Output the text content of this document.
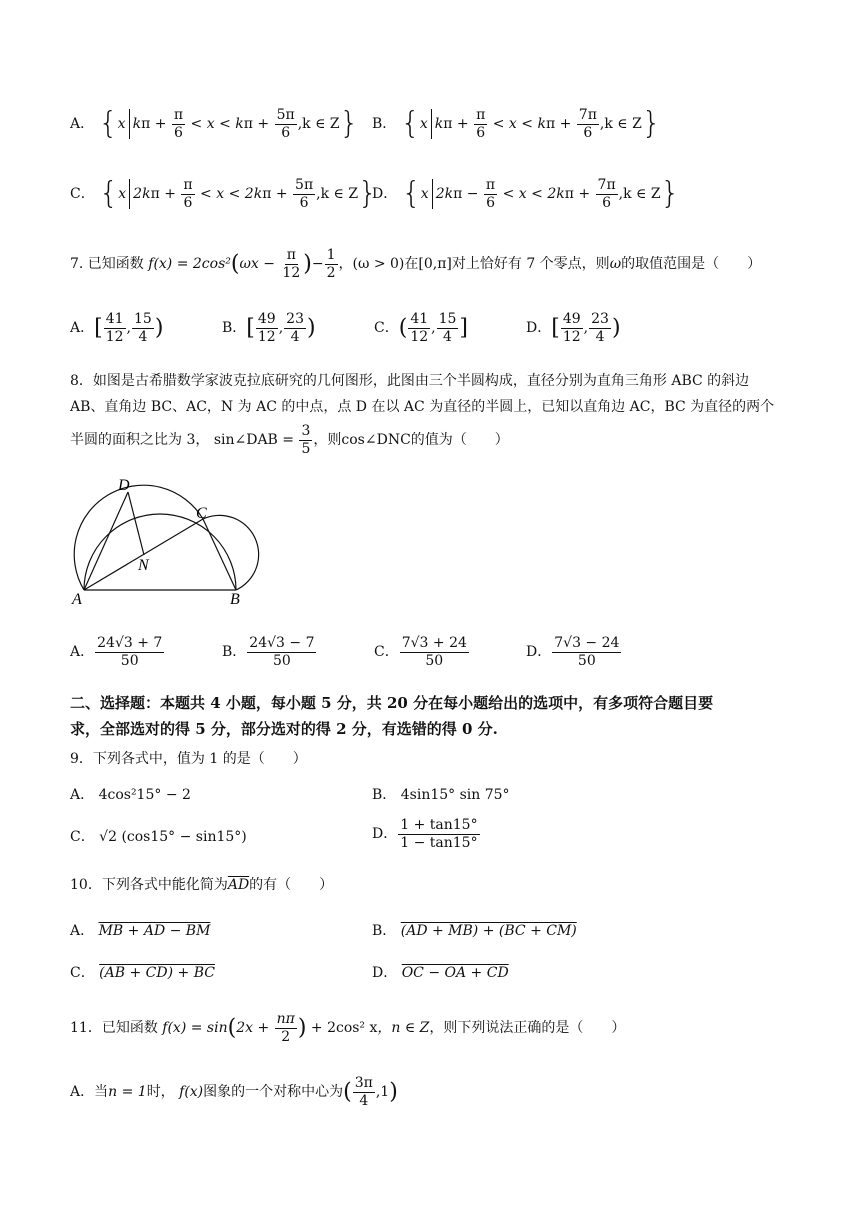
A． {x $k\pi + \frac{\pi}{6} < x < k\pi + \frac{5\pi}{6} ,k$ ∈ Z} B． {x $k\pi + \frac{\pi}{6} < x < k\pi + \frac{7\pi}{6} ,k$ ∈ Z}
C． {x $2k\pi + \frac{\pi}{6} < x < 2k\pi + \frac{5\pi}{6} ,k$ ∈ Z}
D． {x $2k\pi - \frac{\pi}{6} < x < 2k\pi + \frac{7\pi}{6} ,k$ ∈ Z}
7. 已知函数 $f(x) = 2\cos^2(\omega x - \frac{\pi}{12}$ )− $\frac{1}{2}$ ，(ω > 0)在[0,π]对上恰好有 7 个零点，则ω的取值范围是（　　）
A．[ $\frac{41}{12}$ , $\frac{15}{4}$ )	B．[ $\frac{49}{12}$ , $\frac{23}{4}$ )	C．( $\frac{41}{12}$ , $\frac{15}{4}$ ]	D．[ $\frac{49}{12}$ , $\frac{23}{4}$ )
8．如图是古希腊数学家波克拉底研究的几何图形，此图由三个半圆构成，直径分别为直角三角形 ABC 的斜边
AB、直角边 BC、AC，N 为 AC 的中点，点 D 在以 AC 为直径的半圆上，已知以直角边 AC，BC 为直径的两个
半圆的面积之比为 3， sin∠DAB = $\frac{3}{5}$ ，则cos∠DNC的值为（　　）
D
C
N
A	B
A． $\frac{24√3 + 7}{50}$	B． $\frac{24√3 - 7}{50}$	C． $\frac{7√3 + 24}{50}$	D． $\frac{7√3 - 24}{50}$
二、选择题：本题共 4 小题，每小题 5 分，共 20 分在每小题给出的选项中，有多项符合题目要
求，全部选对的得 5 分，部分选对的得 2 分，有选错的得 0 分.
9．下列各式中，值为 1 的是（　　）
A． 4cos²15° − 2	B． 4sin15° sin 75°
C． √2 (cos15° − sin15°)	D． $\frac{1 + \tan 15^\circ}{1 - \tan 15^\circ}$
10．下列各式中能化简为$\overline{AD}$的有（　　）
A． MB + AD − BM	B． (AD + MB) + (BC + CM)
C． (AB + CD) + BC	D． OC − OA + CD
11．已知函数 $f(x) = \sin(2x + \frac{n\pi}{2}$ ) + 2cos² x，n ∈ Z，则下列说法正确的是（　　）
A．当n = 1时， f(x)图象的一个对称中心为( $\frac{3\pi}{4} ,1$)
